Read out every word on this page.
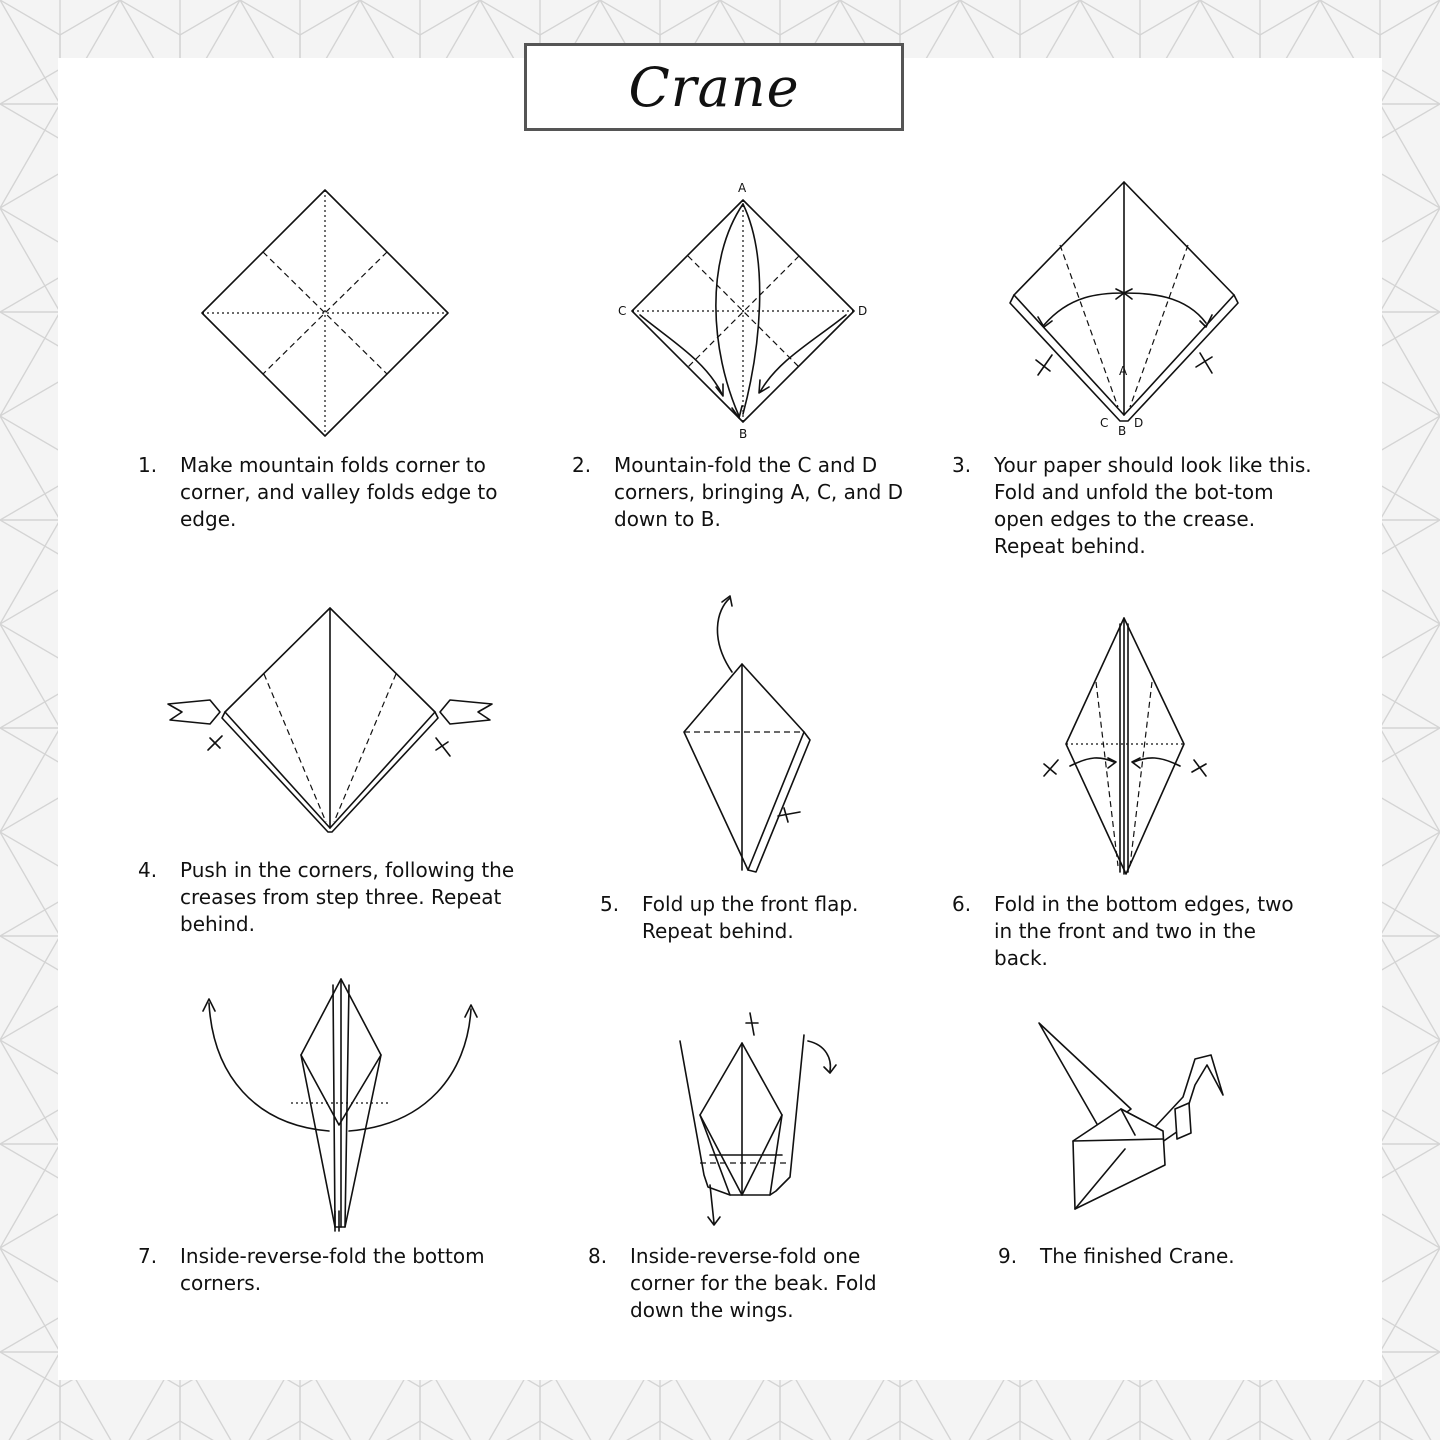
Crane
A
B
C	D
A
C
B
D
1. Make mountain folds corner to corner, and valley folds edge to edge.
2. Mountain-fold the C and D corners, bringing A, C, and D down to B.
3. Your paper should look like this. Fold and unfold the bot-tom open edges to the crease. Repeat behind.
4. Push in the corners, following the creases from step three. Repeat behind.
5. Fold up the front flap. Repeat behind.
6. Fold in the bottom edges, two in the front and two in the back.
7. Inside-reverse-fold the bottom corners.
8. Inside-reverse-fold one corner for the beak. Fold down the wings.
9. The finished Crane.
